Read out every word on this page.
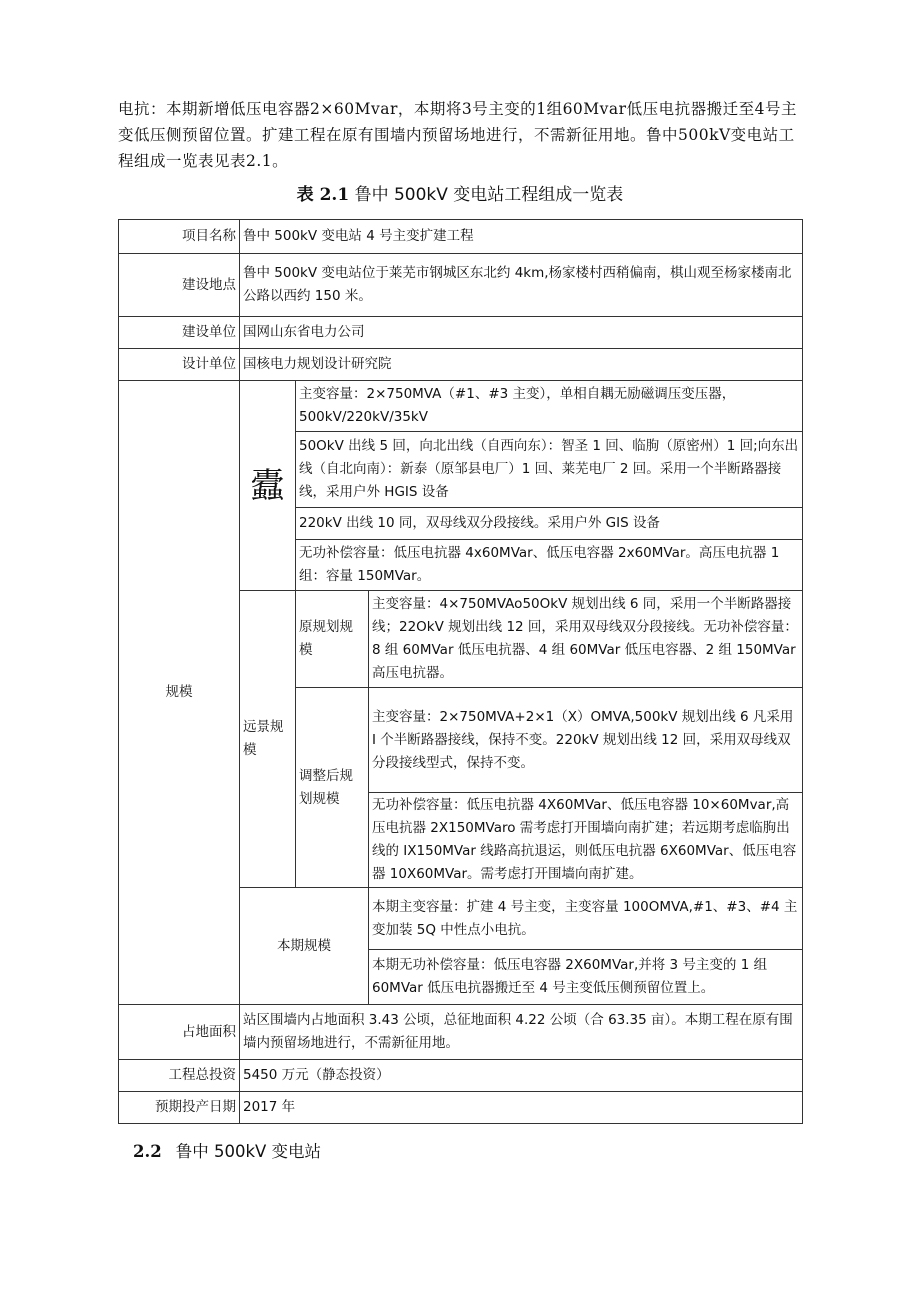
电抗：本期新增低压电容器2×60Mvar，本期将3号主变的1组60Mvar低压电抗器搬迁至4号主变低压侧预留位置。扩建工程在原有围墙内预留场地进行，不需新征用地。鲁中500kV变电站工程组成一览表见表2.1。
表 2.1 鲁中 500kV 变电站工程组成一览表
项目名称	鲁中 500kV 变电站 4 号主变扩建工程		
建设地点	鲁中 500kV 变电站位于莱芜市钢城区东北约 4km,杨家楼村西稍偏南，棋山观至杨家楼南北公路以西约 150 米。		
建设单位	国网山东省电力公司		
设计单位	国核电力规划设计研究院		
规模	蠹	主变容量：2×750MVA（#1、#3 主变），单相自耦无励磁调压变压器，500kV/220kV/35kV	
		50OkV 出线 5 回，向北出线（自西向东）：智圣 1 回、临朐（原密州）1 回;向东出线（自北向南）：新泰（原邹县电厂）1 回、莱芜电厂 2 回。采用一个半断路器接线，采用户外 HGIS 设备	
		220kV 出线 10 同，双母线双分段接线。采用户外 GIS 设备	
		无功补偿容量：低压电抗器 4x60MVar、低压电容器 2x60MVar。高压电抗器 1 组：容量 150MVar。	
	远景规模	原规划规模	主变容量：4×750MVAo50OkV 规划出线 6 同，采用一个半断路器接线；22OkV 规划出线 12 回，采用双母线双分段接线。无功补偿容量：8 组 60MVar 低压电抗器、4 组 60MVar 低压电容器、2 组 150MVar 高压电抗器。
		调整后规划规模	主变容量：2×750MVA+2×1（X）OMVA,500kV 规划出线 6 凡采用 I 个半断路器接线，保持不变。220kV 规划出线 12 回，采用双母线双分段接线型式，保持不变。
			无功补偿容量：低压电抗器 4X60MVar、低压电容器 10×60Mvar,高压电抗器 2X150MVaro 需考虑打开围墙向南扩建；若远期考虑临朐出线的 IX150MVar 线路高抗退运，则低压电抗器 6X60MVar、低压电容器 10X60MVar。需考虑打开围墙向南扩建。
	本期规模		本期主变容量：扩建 4 号主变，主变容量 100OMVA,#1、#3、#4 主变加装 5Q 中性点小电抗。
			本期无功补偿容量：低压电容器 2X60MVar,并将 3 号主变的 1 组 60MVar 低压电抗器搬迁至 4 号主变低压侧预留位置上。
占地面积	站区围墙内占地面积 3.43 公顷，总征地面积 4.22 公顷（合 63.35 亩）。本期工程在原有围墙内预留场地进行，不需新征用地。		
工程总投资	5450 万元（静态投资）		
预期投产日期	2017 年		
2.2 鲁中 500kV 变电站
